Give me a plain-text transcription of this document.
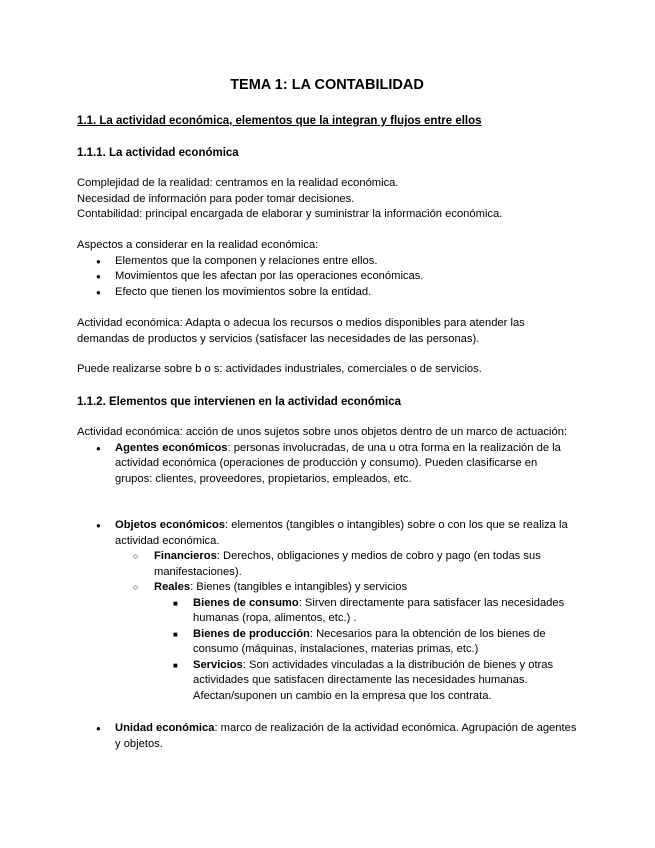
TEMA 1: LA CONTABILIDAD
1.1. La actividad económica, elementos que la integran y flujos entre ellos
1.1.1. La actividad económica

Complejidad de la realidad: centramos en la realidad económica.

Necesidad de información para poder tomar decisiones.

Contabilidad: principal encargada de elaborar y suministrar la información económica.

Aspectos a considerar en la realidad económica:

● Elementos que la componen y relaciones entre ellos.
● Movimientos que les afectan por las operaciones económicas.
● Efecto que tienen los movimientos sobre la entidad.

Actividad económica: Adapta o adecua los recursos o medios disponibles para atender las demandas de productos y servicios (satisfacer las necesidades de las personas).

Puede realizarse sobre b o s: actividades industriales, comerciales o de servicios.

1.1.2. Elementos que intervienen en la actividad económica

Actividad económica: acción de unos sujetos sobre unos objetos dentro de un marco de actuación:

● Agentes económicos: personas involucradas, de una u otra forma en la realización de la actividad económica (operaciones de producción y consumo). Pueden clasificarse en grupos: clientes, proveedores, propietarios, empleados, etc.
● Objetos económicos: elementos (tangibles o intangibles) sobre o con los que se realiza la actividad económica.
○ Financieros: Derechos, obligaciones y medios de cobro y pago (en todas sus manifestaciones).
○ Reales: Bienes (tangibles e intangibles) y servicios
■ Bienes de consumo: Sirven directamente para satisfacer las necesidades humanas (ropa, alimentos, etc.) .
■ Bienes de producción: Necesarios para la obtención de los bienes de consumo (máquinas, instalaciones, materias primas, etc.)
■ Servicios: Son actividades vinculadas a la distribución de bienes y otras actividades que satisfacen directamente las necesidades humanas. Afectan/suponen un cambio en la empresa que los contrata.
● Unidad económica: marco de realización de la actividad económica. Agrupación de agentes y objetos.
